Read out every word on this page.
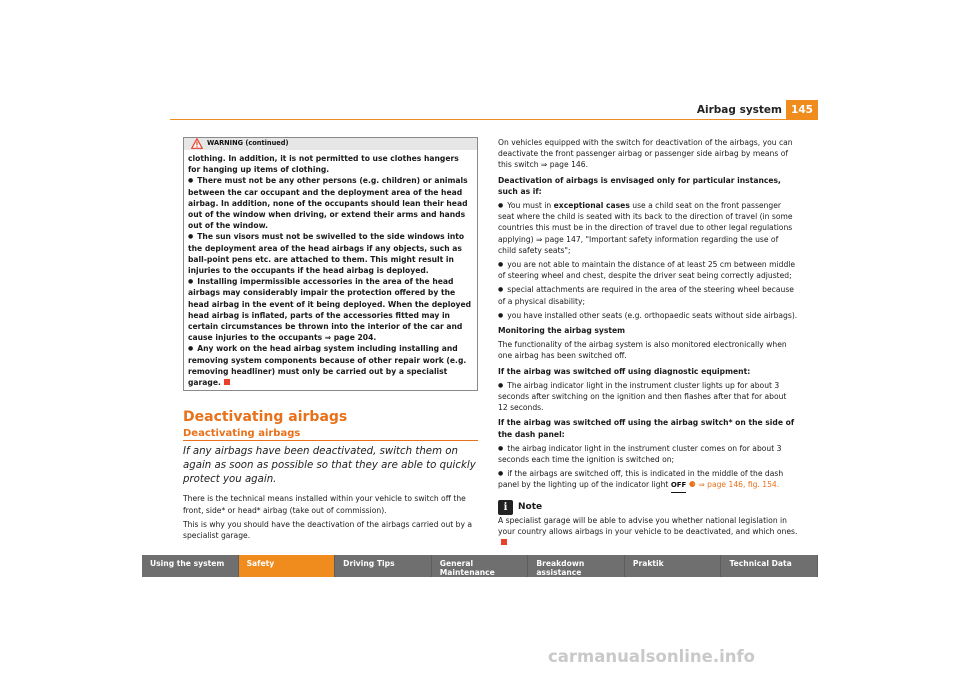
Airbag system 145
WARNING (continued)

clothing. In addition, it is not permitted to use clothes hangers for hanging up items of clothing.

● There must not be any other persons (e.g. children) or animals between the car occupant and the deployment area of the head airbag. In addition, none of the occupants should lean their head out of the window when driving, or extend their arms and hands out of the window.

● The sun visors must not be swivelled to the side windows into the deployment area of the head airbags if any objects, such as ball-point pens etc. are attached to them. This might result in injuries to the occupants if the head airbag is deployed.

● Installing impermissible accessories in the area of the head airbags may considerably impair the protection offered by the head airbag in the event of it being deployed. When the deployed head airbag is inflated, parts of the accessories fitted may in certain circumstances be thrown into the interior of the car and cause injuries to the occupants ⇒ page 204.

● Any work on the head airbag system including installing and removing system components because of other repair work (e.g. removing headliner) must only be carried out by a specialist garage.

Deactivating airbags
Deactivating airbags

If any airbags have been deactivated, switch them on again as soon as possible so that they are able to quickly protect you again.

There is the technical means installed within your vehicle to switch off the front, side* or head* airbag (take out of commission).

This is why you should have the deactivation of the airbags carried out by a specialist garage.

On vehicles equipped with the switch for deactivation of the airbags, you can deactivate the front passenger airbag or passenger side airbag by means of this switch ⇒ page 146.

Deactivation of airbags is envisaged only for particular instances, such as if:

● You must in exceptional cases use a child seat on the front passenger seat where the child is seated with its back to the direction of travel (in some countries this must be in the direction of travel due to other legal regulations applying) ⇒ page 147, "Important safety information regarding the use of child safety seats";

● you are not able to maintain the distance of at least 25 cm between middle of steering wheel and chest, despite the driver seat being correctly adjusted;

● special attachments are required in the area of the steering wheel because of a physical disability;

● you have installed other seats (e.g. orthopaedic seats without side airbags).

Monitoring the airbag system

The functionality of the airbag system is also monitored electronically when one airbag has been switched off.

If the airbag was switched off using diagnostic equipment:

● The airbag indicator light in the instrument cluster lights up for about 3 seconds after switching on the ignition and then flashes after that for about 12 seconds.

If the airbag was switched off using the airbag switch* on the side of the dash panel:

● the airbag indicator light in the instrument cluster comes on for about 3 seconds each time the ignition is switched on;

● if the airbags are switched off, this is indicated in the middle of the dash panel by the lighting up of the indicator light OFF ⚈ ⇒ page 146, fig. 154.

i	Note

A specialist garage will be able to advise you whether national legislation in your country allows airbags in your vehicle to be deactivated, and which ones.

Using the system	Safety	Driving Tips	General Maintenance
Breakdown assistance
Praktik	Technical Data
carmanualsonline.info
